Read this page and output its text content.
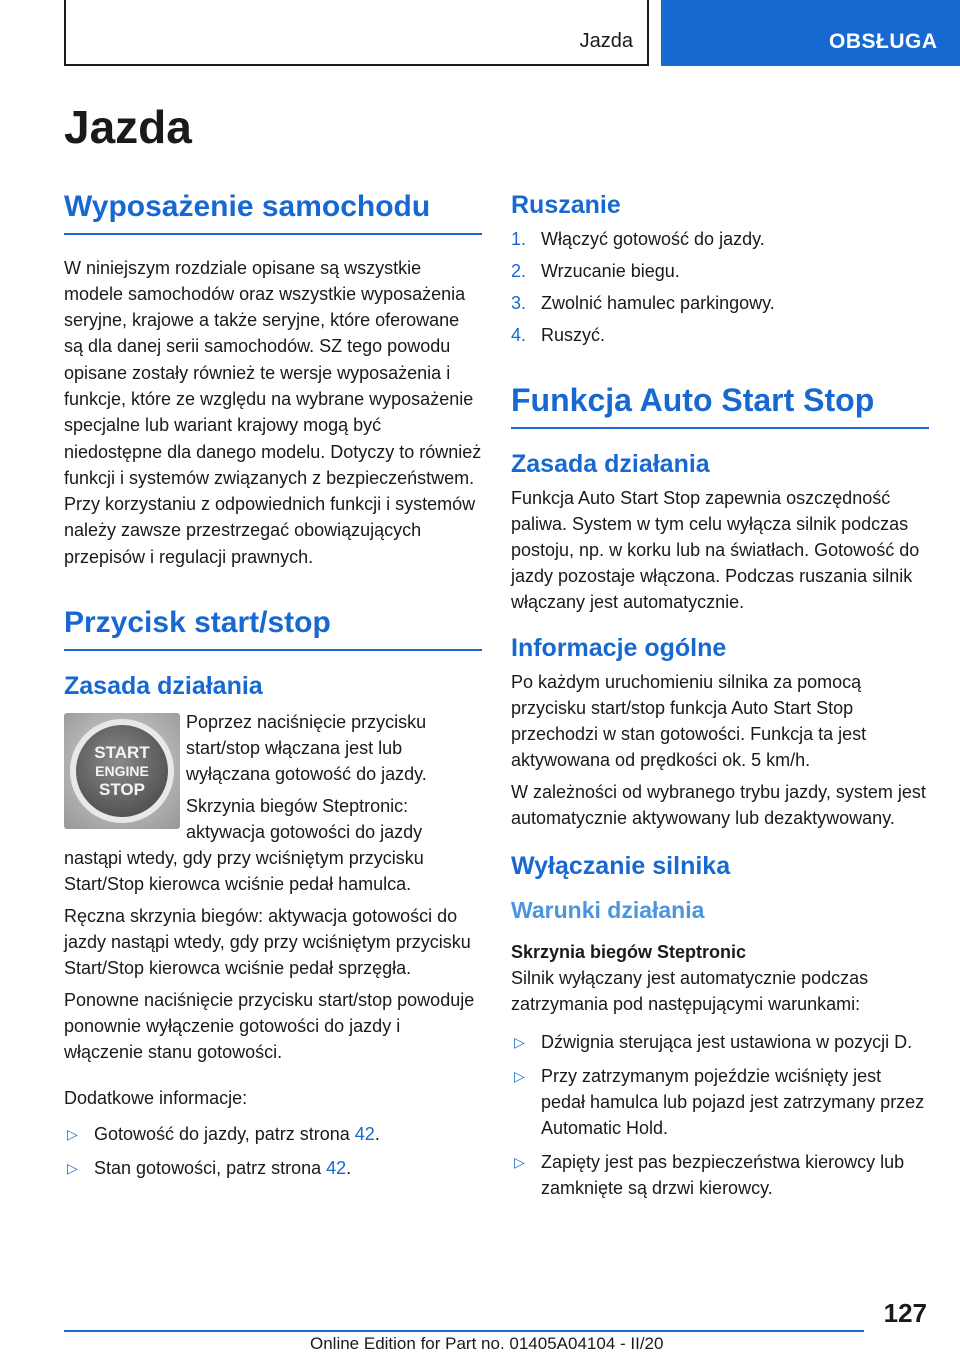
Jazda	OBSŁUGA
Jazda
Wyposażenie samochodu

W niniejszym rozdziale opisane są wszystkie modele samochodów oraz wszystkie wyposażenia seryjne, krajowe a także seryjne, które oferowane są dla danej serii samochodów. SZ tego powodu opisane zostały również te wersje wyposażenia i funkcje, które ze względu na wybrane wyposażenie specjalne lub wariant krajowy mogą być niedostępne dla danego modelu. Dotyczy to również funkcji i systemów związanych z bezpieczeństwem. Przy korzystaniu z odpowiednich funkcji i systemów należy zawsze przestrzegać obowiązujących przepisów i regulacji prawnych.

Przycisk start/stop
Zasada działania
START
ENGINE
STOP

Poprzez naciśnięcie przycisku start/stop włączana jest lub wyłączana gotowość do jazdy.

Skrzynia biegów Steptronic: aktywacja gotowości do jazdy nastąpi wtedy, gdy przy wciśniętym przycisku Start/Stop kierowca wciśnie pedał hamulca.

Ręczna skrzynia biegów: aktywacja gotowości do jazdy nastąpi wtedy, gdy przy wciśniętym przycisku Start/Stop kierowca wciśnie pedał sprzęgła.

Ponowne naciśnięcie przycisku start/stop powoduje ponownie wyłączenie gotowości do jazdy i włączenie stanu gotowości.

Dodatkowe informacje:

▷ Gotowość do jazdy, patrz strona 42.
▷ Stan gotowości, patrz strona 42.
Ruszanie
1. Włączyć gotowość do jazdy.
2. Wrzucanie biegu.
3. Zwolnić hamulec parkingowy.
4. Ruszyć.
Funkcja Auto Start Stop
Zasada działania

Funkcja Auto Start Stop zapewnia oszczędność paliwa. System w tym celu wyłącza silnik podczas postoju, np. w korku lub na światłach. Gotowość do jazdy pozostaje włączona. Podczas ruszania silnik włączany jest automatycznie.

Informacje ogólne

Po każdym uruchomieniu silnika za pomocą przycisku start/stop funkcja Auto Start Stop przechodzi w stan gotowości. Funkcja ta jest aktywowana od prędkości ok. 5 km/h.

W zależności od wybranego trybu jazdy, system jest automatycznie aktywowany lub dezaktywowany.

Wyłączanie silnika
Warunki działania
Skrzynia biegów Steptronic

Silnik wyłączany jest automatycznie podczas zatrzymania pod następującymi warunkami:

▷ Dźwignia sterująca jest ustawiona w pozycji D.
▷ Przy zatrzymanym pojeździe wciśnięty jest pedał hamulca lub pojazd jest zatrzymany przez Automatic Hold.
▷ Zapięty jest pas bezpieczeństwa kierowcy lub zamknięte są drzwi kierowcy.
127
Online Edition for Part no. 01405A04104 - II/20
